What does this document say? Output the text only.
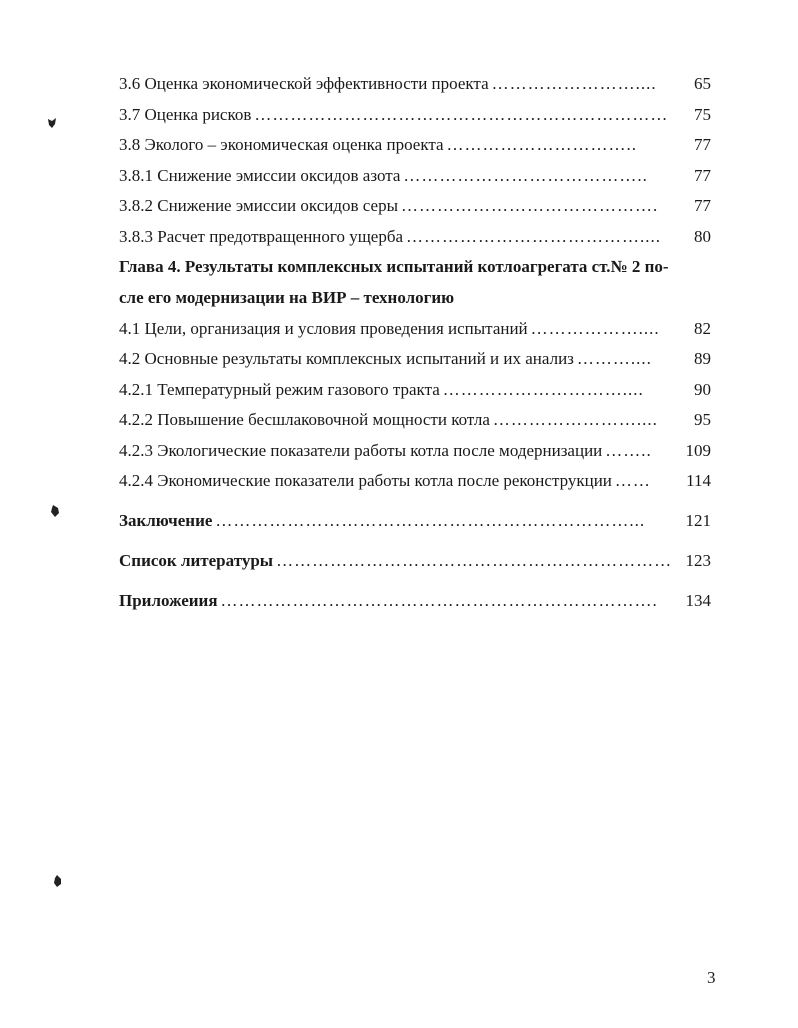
3.6 Оценка экономической эффективности проекта ……………………....	65
3.7 Оценка рисков ……………………………………………………………	75
3.8 Эколого – экономическая оценка проекта …………………………..	77
3.8.1 Снижение эмиссии оксидов азота …………………………………..	77
3.8.2 Снижение эмиссии оксидов серы …………………………………….	77
3.8.3 Расчет предотвращенного ущерба …………………………………....	80
Глава 4. Результаты комплексных испытаний котлоагрегата ст.№ 2 по-
сле его модернизации на ВИР – технологию
4.1 Цели, организация и условия проведения испытаний ………………....	82
4.2 Основные результаты комплексных испытаний и их анализ ………....	89
4.2.1 Температурный режим газового тракта …………………………....	90
4.2.2 Повышение бесшлаковочной мощности котла ……………………....	95
4.2.3 Экологические показатели работы котла после модернизации ……..	109
4.2.4 Экономические показатели работы котла после реконструкции ……	114
Заключение ……………………………………………………………...	121
Список литературы ………………………………………………………… 123
Приложеиия ……………………………………………………………….	134
3
